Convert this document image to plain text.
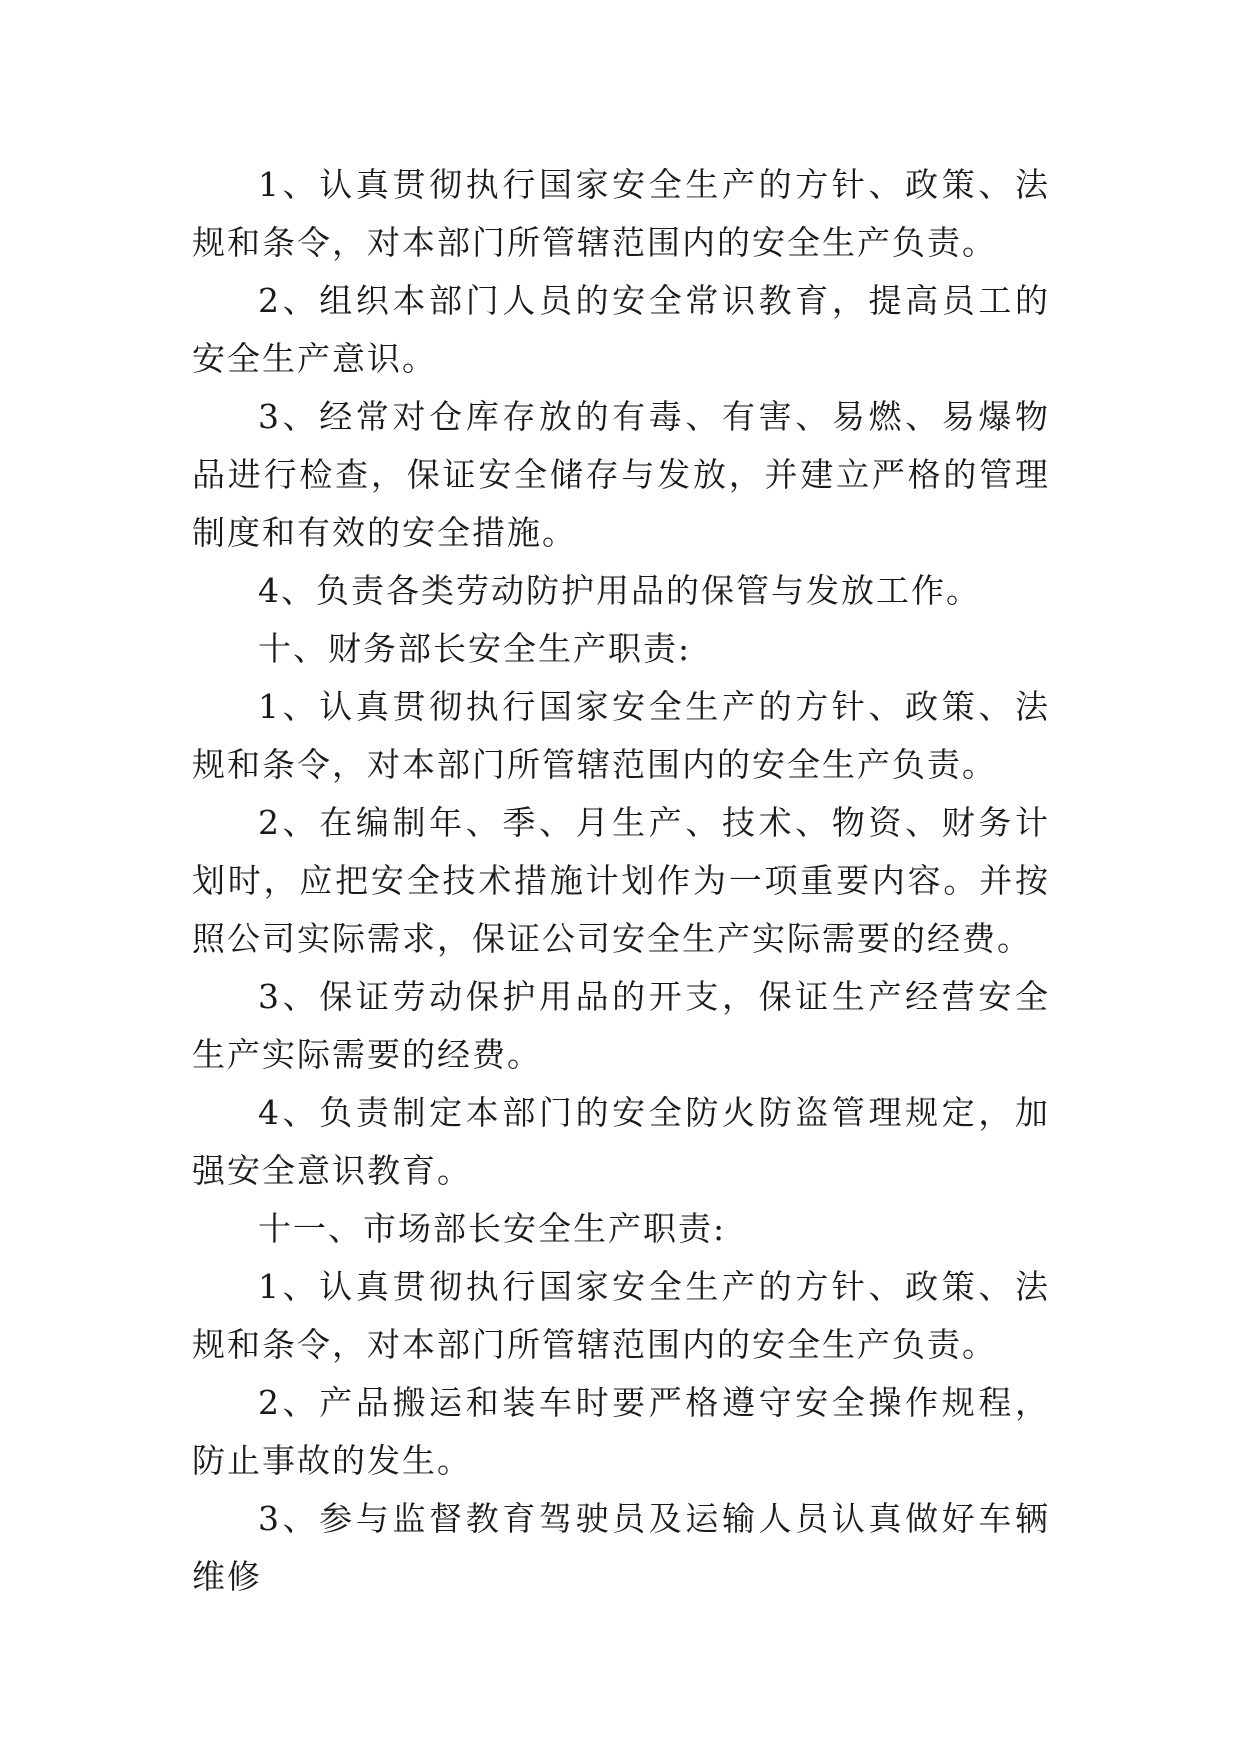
1、认真贯彻执行国家安全生产的方针、政策、法规和条令，对本部门所管辖范围内的安全生产负责。

2、组织本部门人员的安全常识教育，提高员工的安全生产意识。

3、经常对仓库存放的有毒、有害、易燃、易爆物品进行检查，保证安全储存与发放，并建立严格的管理制度和有效的安全措施。

4、负责各类劳动防护用品的保管与发放工作。

十、财务部长安全生产职责:

1、认真贯彻执行国家安全生产的方针、政策、法规和条令，对本部门所管辖范围内的安全生产负责。

2、在编制年、季、月生产、技术、物资、财务计划时，应把安全技术措施计划作为一项重要内容。并按照公司实际需求，保证公司安全生产实际需要的经费。

3、保证劳动保护用品的开支，保证生产经营安全生产实际需要的经费。

4、负责制定本部门的安全防火防盗管理规定，加强安全意识教育。

十一、市场部长安全生产职责:

1、认真贯彻执行国家安全生产的方针、政策、法规和条令，对本部门所管辖范围内的安全生产负责。

2、产品搬运和装车时要严格遵守安全操作规程，防止事故的发生。

3、参与监督教育驾驶员及运输人员认真做好车辆维修
